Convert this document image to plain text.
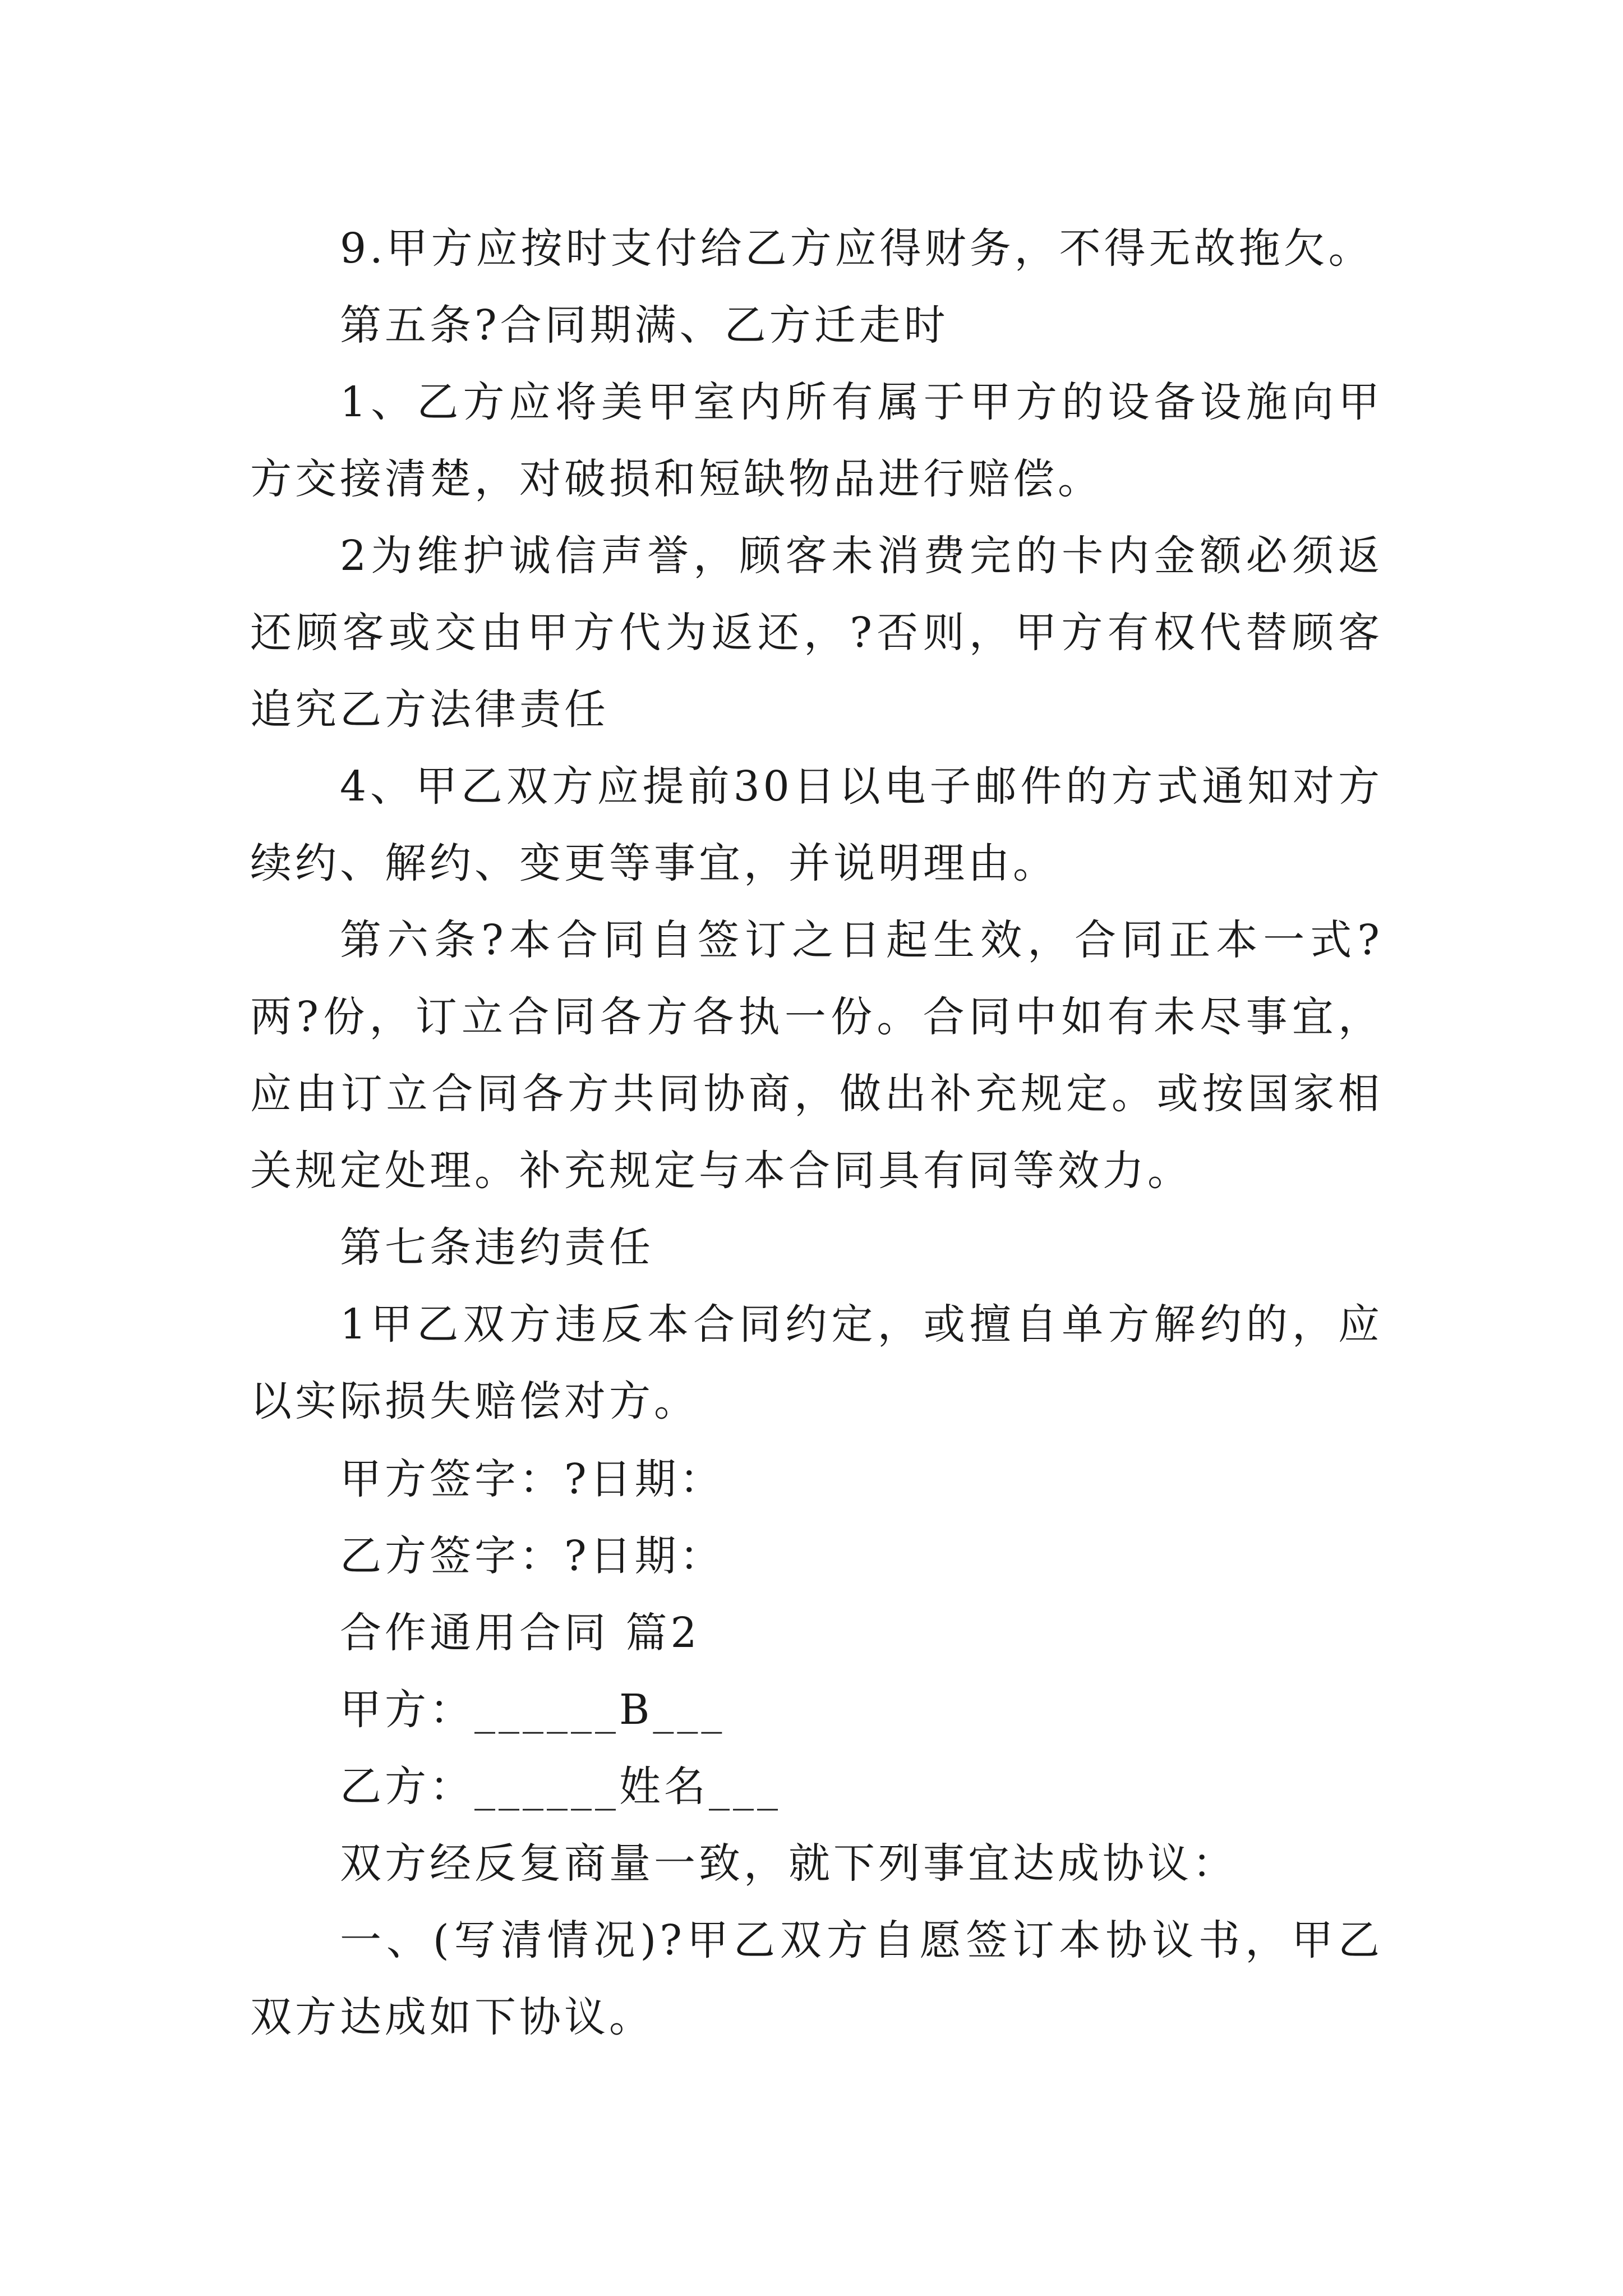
9.甲方应按时支付给乙方应得财务，不得无故拖欠。

第五条?合同期满、乙方迁走时

1、乙方应将美甲室内所有属于甲方的设备设施向甲方交接清楚，对破损和短缺物品进行赔偿。

2为维护诚信声誉，顾客未消费完的卡内金额必须返还顾客或交由甲方代为返还，?否则，甲方有权代替顾客追究乙方法律责任

4、甲乙双方应提前30日以电子邮件的方式通知对方续约、解约、变更等事宜，并说明理由。

第六条?本合同自签订之日起生效，合同正本一式?两?份，订立合同各方各执一份。合同中如有未尽事宜，应由订立合同各方共同协商，做出补充规定。或按国家相关规定处理。补充规定与本合同具有同等效力。

第七条违约责任

1甲乙双方违反本合同约定，或擅自单方解约的，应以实际损失赔偿对方。

甲方签字：?日期：

乙方签字：?日期：

合作通用合同 篇2

甲方：______B___

乙方：______姓名___

双方经反复商量一致，就下列事宜达成协议：

一、(写清情况)?甲乙双方自愿签订本协议书，甲乙双方达成如下协议。
